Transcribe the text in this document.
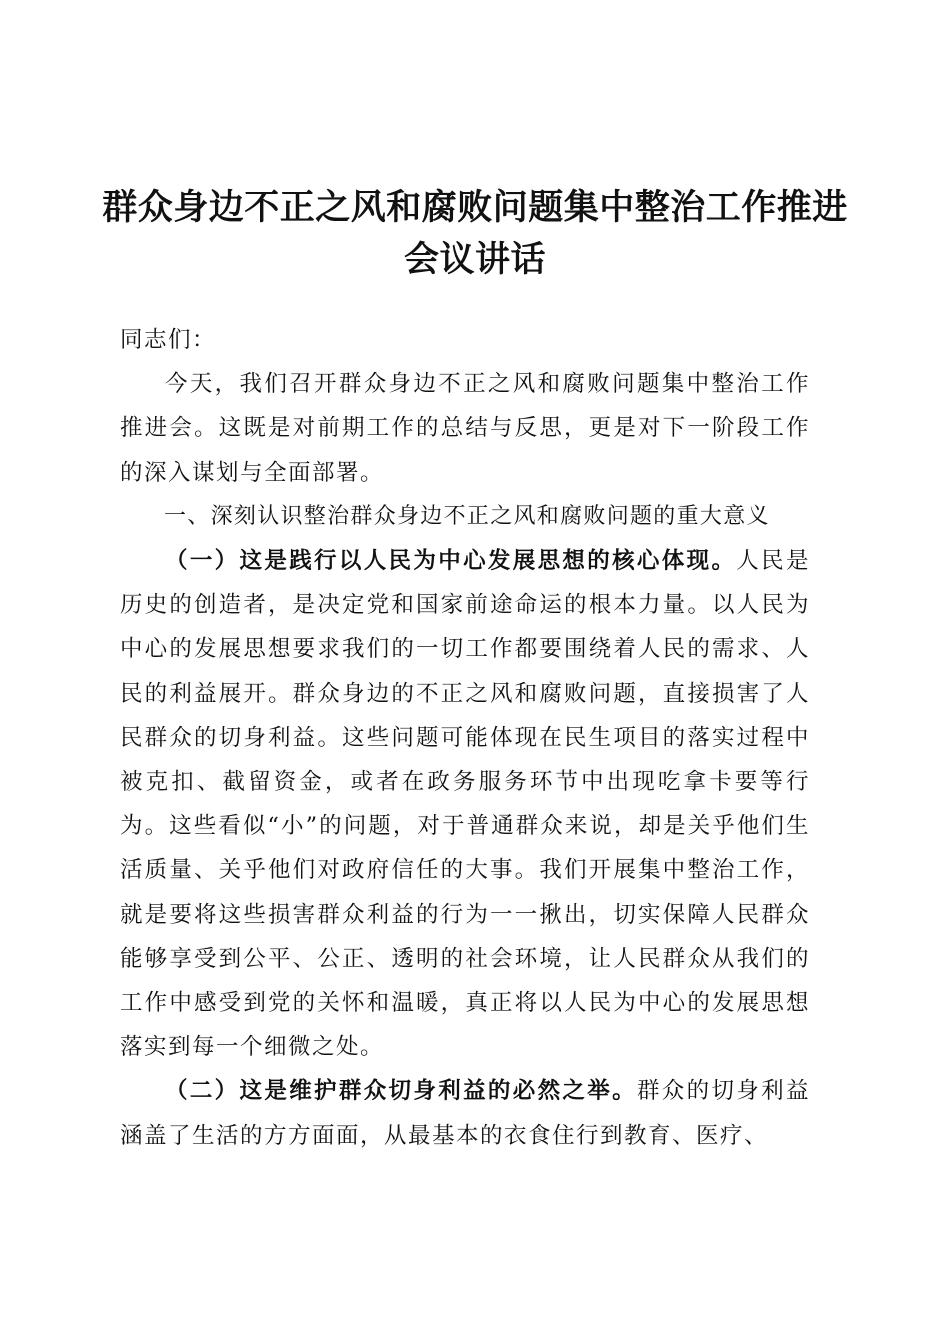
群众身边不正之风和腐败问题集中整治工作推进会议讲话

同志们：

今天，我们召开群众身边不正之风和腐败问题集中整治工作推进会。这既是对前期工作的总结与反思，更是对下一阶段工作的深入谋划与全面部署。

一、深刻认识整治群众身边不正之风和腐败问题的重大意义

（一）这是践行以人民为中心发展思想的核心体现。人民是历史的创造者，是决定党和国家前途命运的根本力量。以人民为中心的发展思想要求我们的一切工作都要围绕着人民的需求、人民的利益展开。群众身边的不正之风和腐败问题，直接损害了人民群众的切身利益。这些问题可能体现在民生项目的落实过程中被克扣、截留资金，或者在政务服务环节中出现吃拿卡要等行为。这些看似“小”的问题，对于普通群众来说，却是关乎他们生活质量、关乎他们对政府信任的大事。我们开展集中整治工作，就是要将这些损害群众利益的行为一一揪出，切实保障人民群众能够享受到公平、公正、透明的社会环境，让人民群众从我们的工作中感受到党的关怀和温暖，真正将以人民为中心的发展思想落实到每一个细微之处。

（二）这是维护群众切身利益的必然之举。群众的切身利益涵盖了生活的方方面面，从最基本的衣食住行到教育、医疗、
